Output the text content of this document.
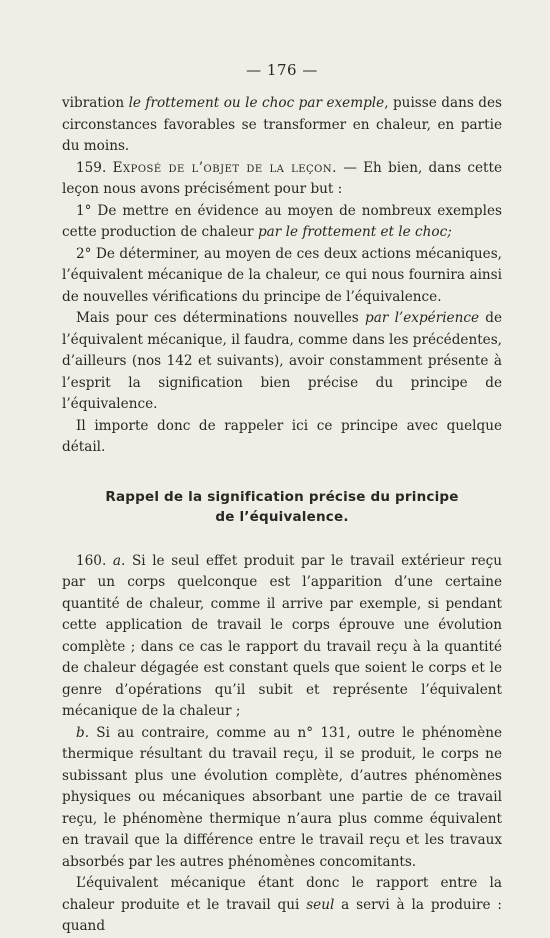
— 176 —

vibration le frottement ou le choc par exemple, puisse dans des circonstances favorables se transformer en chaleur, en partie du moins.

159. Exposé de l’objet de la leçon. — Eh bien, dans cette leçon nous avons précisément pour but :

1° De mettre en évidence au moyen de nombreux exemples cette production de chaleur par le frottement et le choc;

2° De déterminer, au moyen de ces deux actions mécaniques, l’équivalent mécanique de la chaleur, ce qui nous fournira ainsi de nouvelles vérifications du principe de l’équivalence.

Mais pour ces déterminations nouvelles par l’expérience de l’équivalent mécanique, il faudra, comme dans les précédentes, d’ailleurs (nos 142 et suivants), avoir constamment présente à l’esprit la signification bien précise du principe de l’équivalence.

Il importe donc de rappeler ici ce principe avec quelque détail.

Rappel de la signification précise du principe
de l’équivalence.

160. a. Si le seul effet produit par le travail extérieur reçu par un corps quelconque est l’apparition d’une certaine quantité de chaleur, comme il arrive par exemple, si pendant cette application de travail le corps éprouve une évolution complète ; dans ce cas le rapport du travail reçu à la quantité de chaleur dégagée est constant quels que soient le corps et le genre d’opérations qu’il subit et représente l’équivalent mécanique de la chaleur ;

b. Si au contraire, comme au n° 131, outre le phénomène thermique résultant du travail reçu, il se produit, le corps ne subissant plus une évolution complète, d’autres phénomènes physiques ou mécaniques absorbant une partie de ce travail reçu, le phénomène thermique n’aura plus comme équivalent en travail que la différence entre le travail reçu et les travaux absorbés par les autres phénomènes concomitants.

L’équivalent mécanique étant donc le rapport entre la chaleur produite et le travail qui seul a servi à la produire : quand
